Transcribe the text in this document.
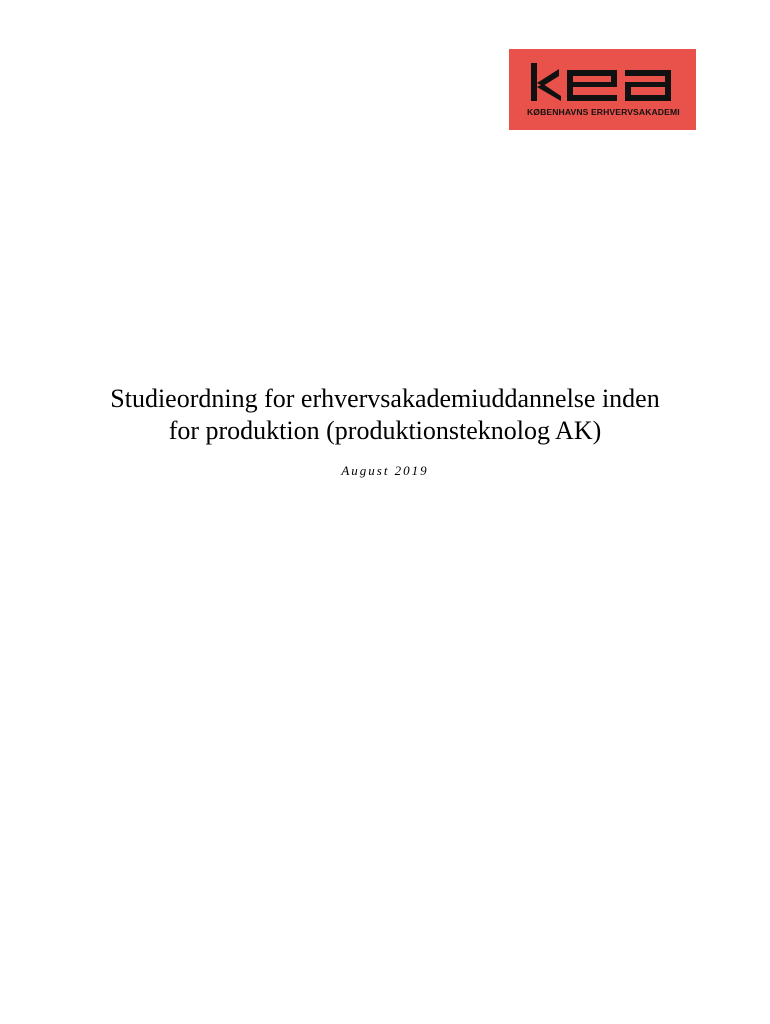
KØBENHAVNS ERHVERVSAKADEMI
Studieordning for erhvervsakademiuddannelse inden
for produktion (produktionsteknolog AK)
August 2019
